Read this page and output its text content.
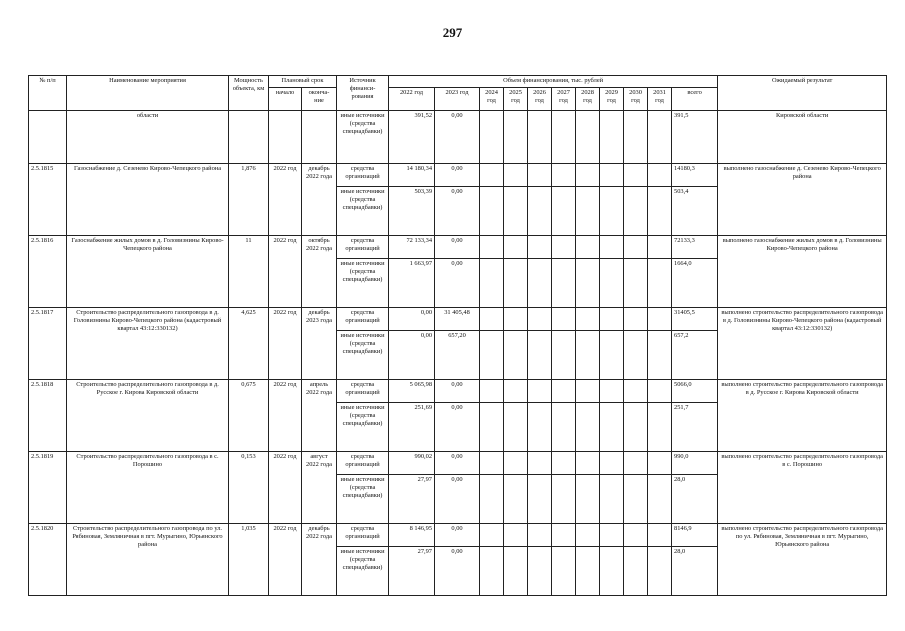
297
№ п/п	Наименование мероприятия	Мощность объекта, км	Плановый срок		Источник финанси-рования	Объем финансирования, тыс. рублей											Ожидаемый результат
			начало	оконча-ние		2022 год	2023 год	2024 год	2025 год	2026 год	2027 год	2028 год	2029 год	2030 год	2031 год	всего	
	области				иные источники (средства спецнадбавки)	391,52	0,00									391,5	Кировской области
2.5.1815	Газоснабжение д. Сезенево Кирово-Чепецкого района	1,876	2022 год	декабрь 2022 года	средства организаций	14 180,34	0,00									14180,3	выполнено газоснабжение д. Сезенево Кирово-Чепецкого района
					иные источники (средства спецнадбавки)	503,39	0,00									503,4	
2.5.1816	Газоснабжение жилых домов в д. Головизнины Кирово-Чепецкого района	11	2022 год	октябрь 2022 года	средства организаций	72 133,34	0,00									72133,3	выполнено газоснабжение жилых домов в д. Головизнины Кирово-Чепецкого района
					иные источники (средства спецнадбавки)	1 663,97	0,00									1664,0	
2.5.1817	Строительство распределительного газопровода в д. Головизнины Кирово-Чепецкого района (кадастровый квартал 43:12:330132)	4,625	2022 год	декабрь 2023 года	средства организаций	0,00	31 405,48									31405,5	выполнено строительство распределительного газопровода в д. Головизнины Кирово-Чепецкого района (кадастровый квартал 43:12:330132)
					иные источники (средства спецнадбавки)	0,00	657,20									657,2	
2.5.1818	Строительство распределительного газопровода в д. Русское г. Кирова Кировской области	0,675	2022 год	апрель 2022 года	средства организаций	5 065,98	0,00									5066,0	выполнено строительство распределительного газопровода в д. Русское г. Кирова Кировской области
					иные источники (средства спецнадбавки)	251,69	0,00									251,7	
2.5.1819	Строительство распределительного газопровода в с. Порошино	0,153	2022 год	август 2022 года	средства организаций	990,02	0,00									990,0	выполнено строительство распределительного газопровода в с. Порошино
					иные источники (средства спецнадбавки)	27,97	0,00									28,0	
2.5.1820	Строительство распределительного газопровода по ул. Рябиновая, Земляничная в пгт. Мурыгино, Юрьянского района	1,035	2022 год	декабрь 2022 года	средства организаций	8 146,95	0,00									8146,9	выполнено строительство распределительного газопровода по ул. Рябиновая, Земляничная в пгт. Мурыгино, Юрьянского района
					иные источники (средства спецнадбавки)	27,97	0,00									28,0	
